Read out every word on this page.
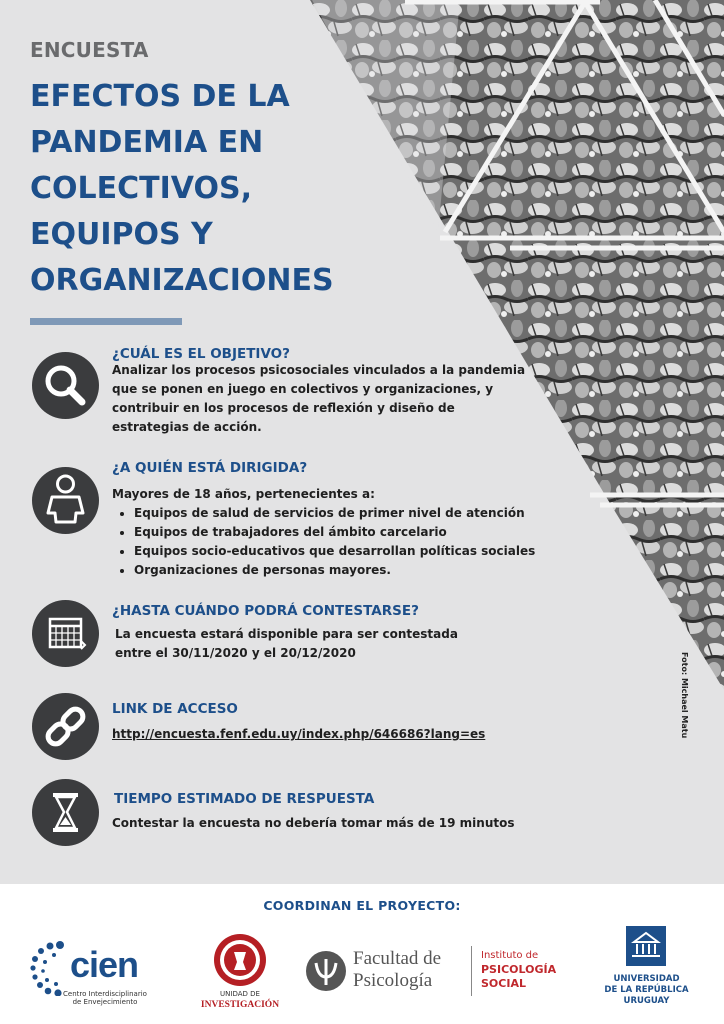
ENCUESTA
EFECTOS DE LA PANDEMIA EN COLECTIVOS, EQUIPOS Y ORGANIZACIONES
¿CUÁL ES EL OBJETIVO?
Analizar los procesos psicosociales vinculados a la pandemia que se ponen en juego en colectivos y organizaciones, y contribuir en los procesos de reflexión y diseño de estrategias de acción.
¿A QUIÉN ESTÁ DIRIGIDA?
Mayores de 18 años, pertenecientes a:
• Equipos de salud de servicios de primer nivel de atención
• Equipos de trabajadores del ámbito carcelario
• Equipos socio-educativos que desarrollan políticas sociales
• Organizaciones de personas mayores.
¿HASTA CUÁNDO PODRÁ CONTESTARSE?
La encuesta estará disponible para ser contestada
entre el 30/11/2020 y el 20/12/2020
LINK DE ACCESO
http://encuesta.fenf.edu.uy/index.php/646686?lang=es
TIEMPO ESTIMADO DE RESPUESTA
Contestar la encuesta no debería tomar más de 19 minutos
Foto: Michael Matu
COORDINAN EL PROYECTO:
cien
Centro Interdisciplinario
de Envejecimiento
UNIDAD DE
INVESTIGACIÓN
Facultad de
Psicología
Instituto de
PSICOLOGÍA
SOCIAL	UNIVERSIDAD
DE LA REPÚBLICA
URUGUAY
